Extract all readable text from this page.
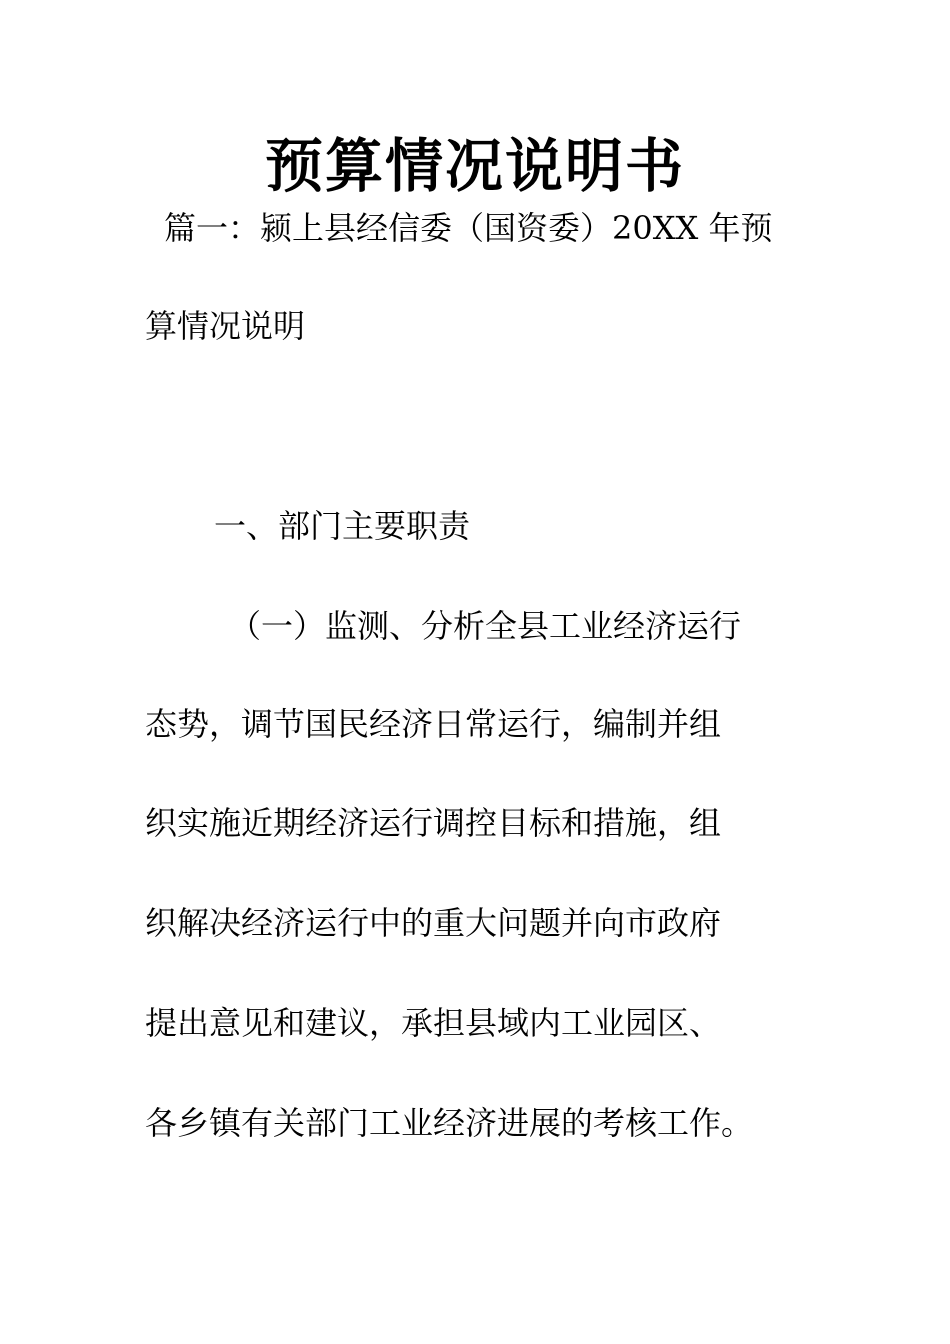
预算情况说明书
篇一：颍上县经信委（国资委）20XX 年预
算情况说明
一、部门主要职责
（一）监测、分析全县工业经济运行
态势，调节国民经济日常运行，编制并组
织实施近期经济运行调控目标和措施，组
织解决经济运行中的重大问题并向市政府
提出意见和建议，承担县域内工业园区、
各乡镇有关部门工业经济进展的考核工作。
